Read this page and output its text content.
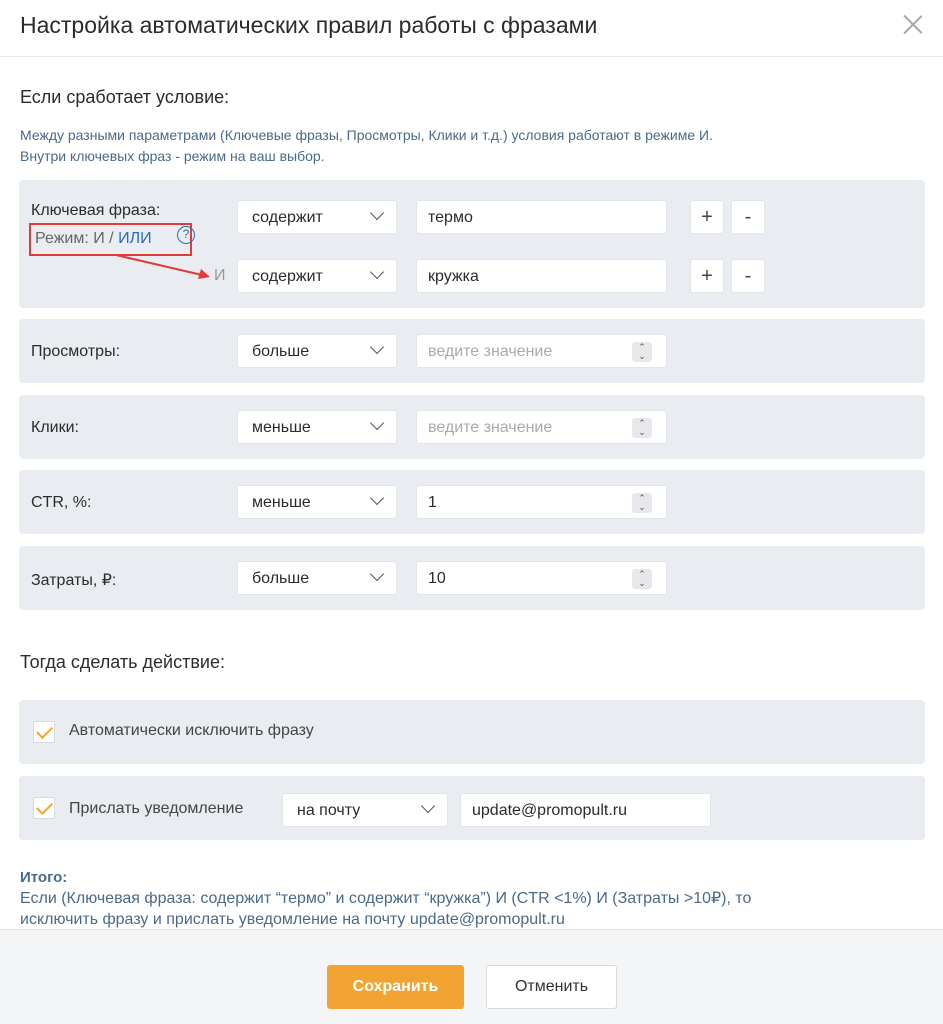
Настройка автоматических правил работы с фразами
Если сработает условие:
Между разными параметрами (Ключевые фразы, Просмотры, Клики и т.д.) условия работают в режиме И.
Внутри ключевых фраз - режим на ваш выбор.
Ключевая фраза:
Режим: И / ИЛИ	?
И
содержит	термо	+	-
содержит	кружка	+	-
Просмотры:	больше	ведите значение	⌃
⌄
Клики:	меньше	ведите значение	⌃
⌄
CTR, %:	меньше	1	⌃
⌄
Затраты, ₽:	больше	10	⌃
⌄
Тогда сделать действие:
Автоматически исключить фразу
Прислать уведомление	на почту	update@promopult.ru
Итого:
Если (Ключевая фраза: содержит “термо” и содержит “кружка”) И (CTR <1%) И (Затраты >10₽), то
исключить фразу и прислать уведомление на почту update@promopult.ru
Сохранить	Отменить
